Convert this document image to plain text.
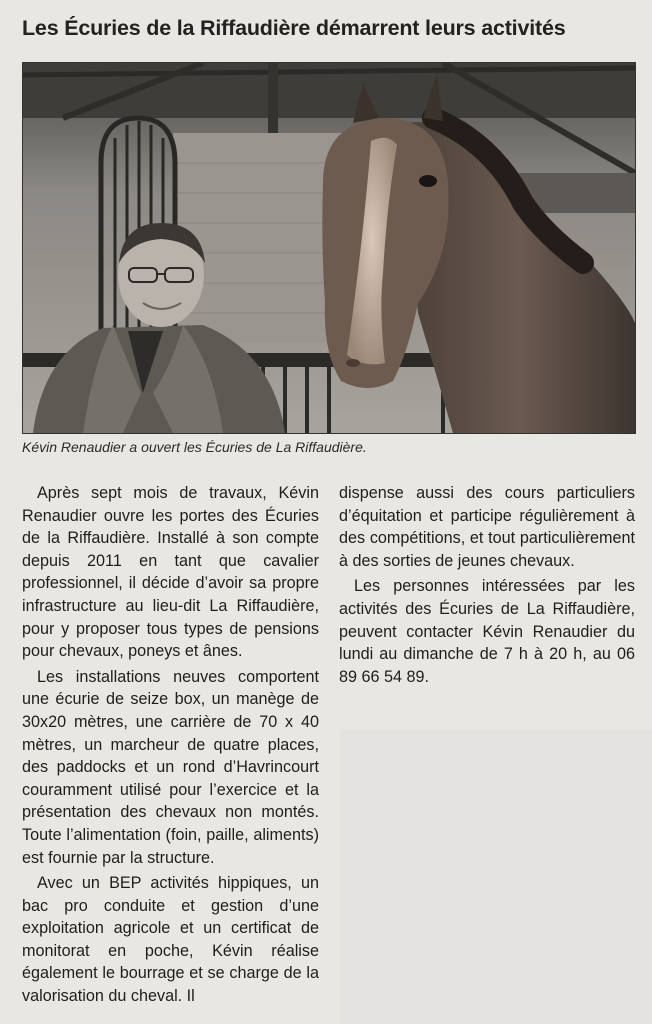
Les Écuries de la Riffaudière démarrent leurs activités

Kévin Renaudier a ouvert les Écuries de La Riffaudière.

Après sept mois de travaux, Kévin Renaudier ouvre les portes des Écuries de la Riffaudière. Installé à son compte depuis 2011 en tant que cavalier professionnel, il décide d’avoir sa propre infrastructure au lieu-dit La Riffaudière, pour y proposer tous types de pensions pour chevaux, poneys et ânes.

Les installations neuves comportent une écurie de seize box, un manège de 30x20 mètres, une carrière de 70 x 40 mètres, un marcheur de quatre places, des paddocks et un rond d’Havrincourt couramment utilisé pour l’exercice et la présentation des chevaux non montés. Toute l’alimentation (foin, paille, aliments) est fournie par la structure.

Avec un BEP activités hippiques, un bac pro conduite et gestion d’une exploitation agricole et un certificat de monitorat en poche, Kévin réalise également le bourrage et se charge de la valorisation du cheval. Il

dispense aussi des cours particuliers d’équitation et participe régulièrement à des compétitions, et tout particulièrement à des sorties de jeunes chevaux.

Les personnes intéressées par les activités des Écuries de La Riffaudière, peuvent contacter Kévin Renaudier du lundi au dimanche de 7 h à 20 h, au 06 89 66 54 89.
